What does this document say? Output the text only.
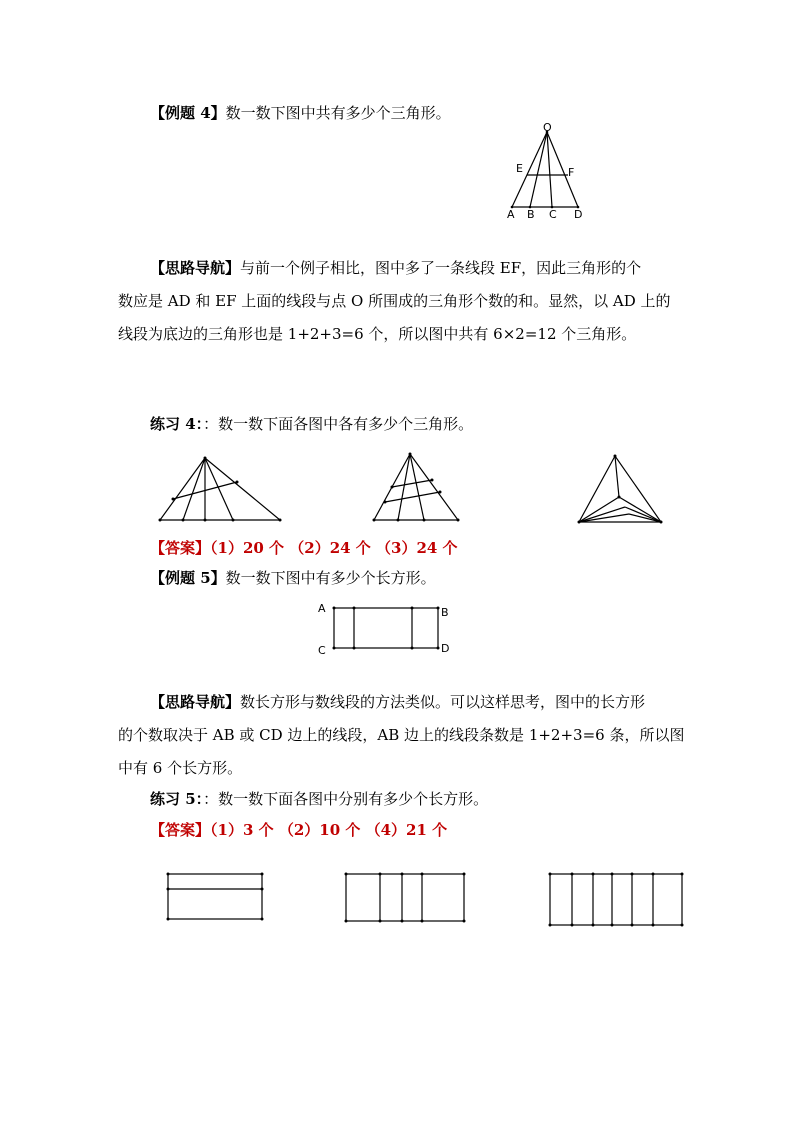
【例题 4】数一数下图中共有多少个三角形。
O
E	F
A B C D
【思路导航】与前一个例子相比，图中多了一条线段 EF，因此三角形的个
数应是 AD 和 EF 上面的线段与点 O 所围成的三角形个数的和。显然，以 AD 上的
线段为底边的三角形也是 1+2+3=6 个，所以图中共有 6×2=12 个三角形。
练习 4：：数一数下面各图中各有多少个三角形。
【答案】（1）20 个 （2）24 个 （3）24 个
【例题 5】数一数下图中有多少个长方形。
A	B
C	D
【思路导航】数长方形与数线段的方法类似。可以这样思考，图中的长方形
的个数取决于 AB 或 CD 边上的线段，AB 边上的线段条数是 1+2+3=6 条，所以图
中有 6 个长方形。
练习 5：：数一数下面各图中分别有多少个长方形。
【答案】（1）3 个 （2）10 个 （4）21 个
